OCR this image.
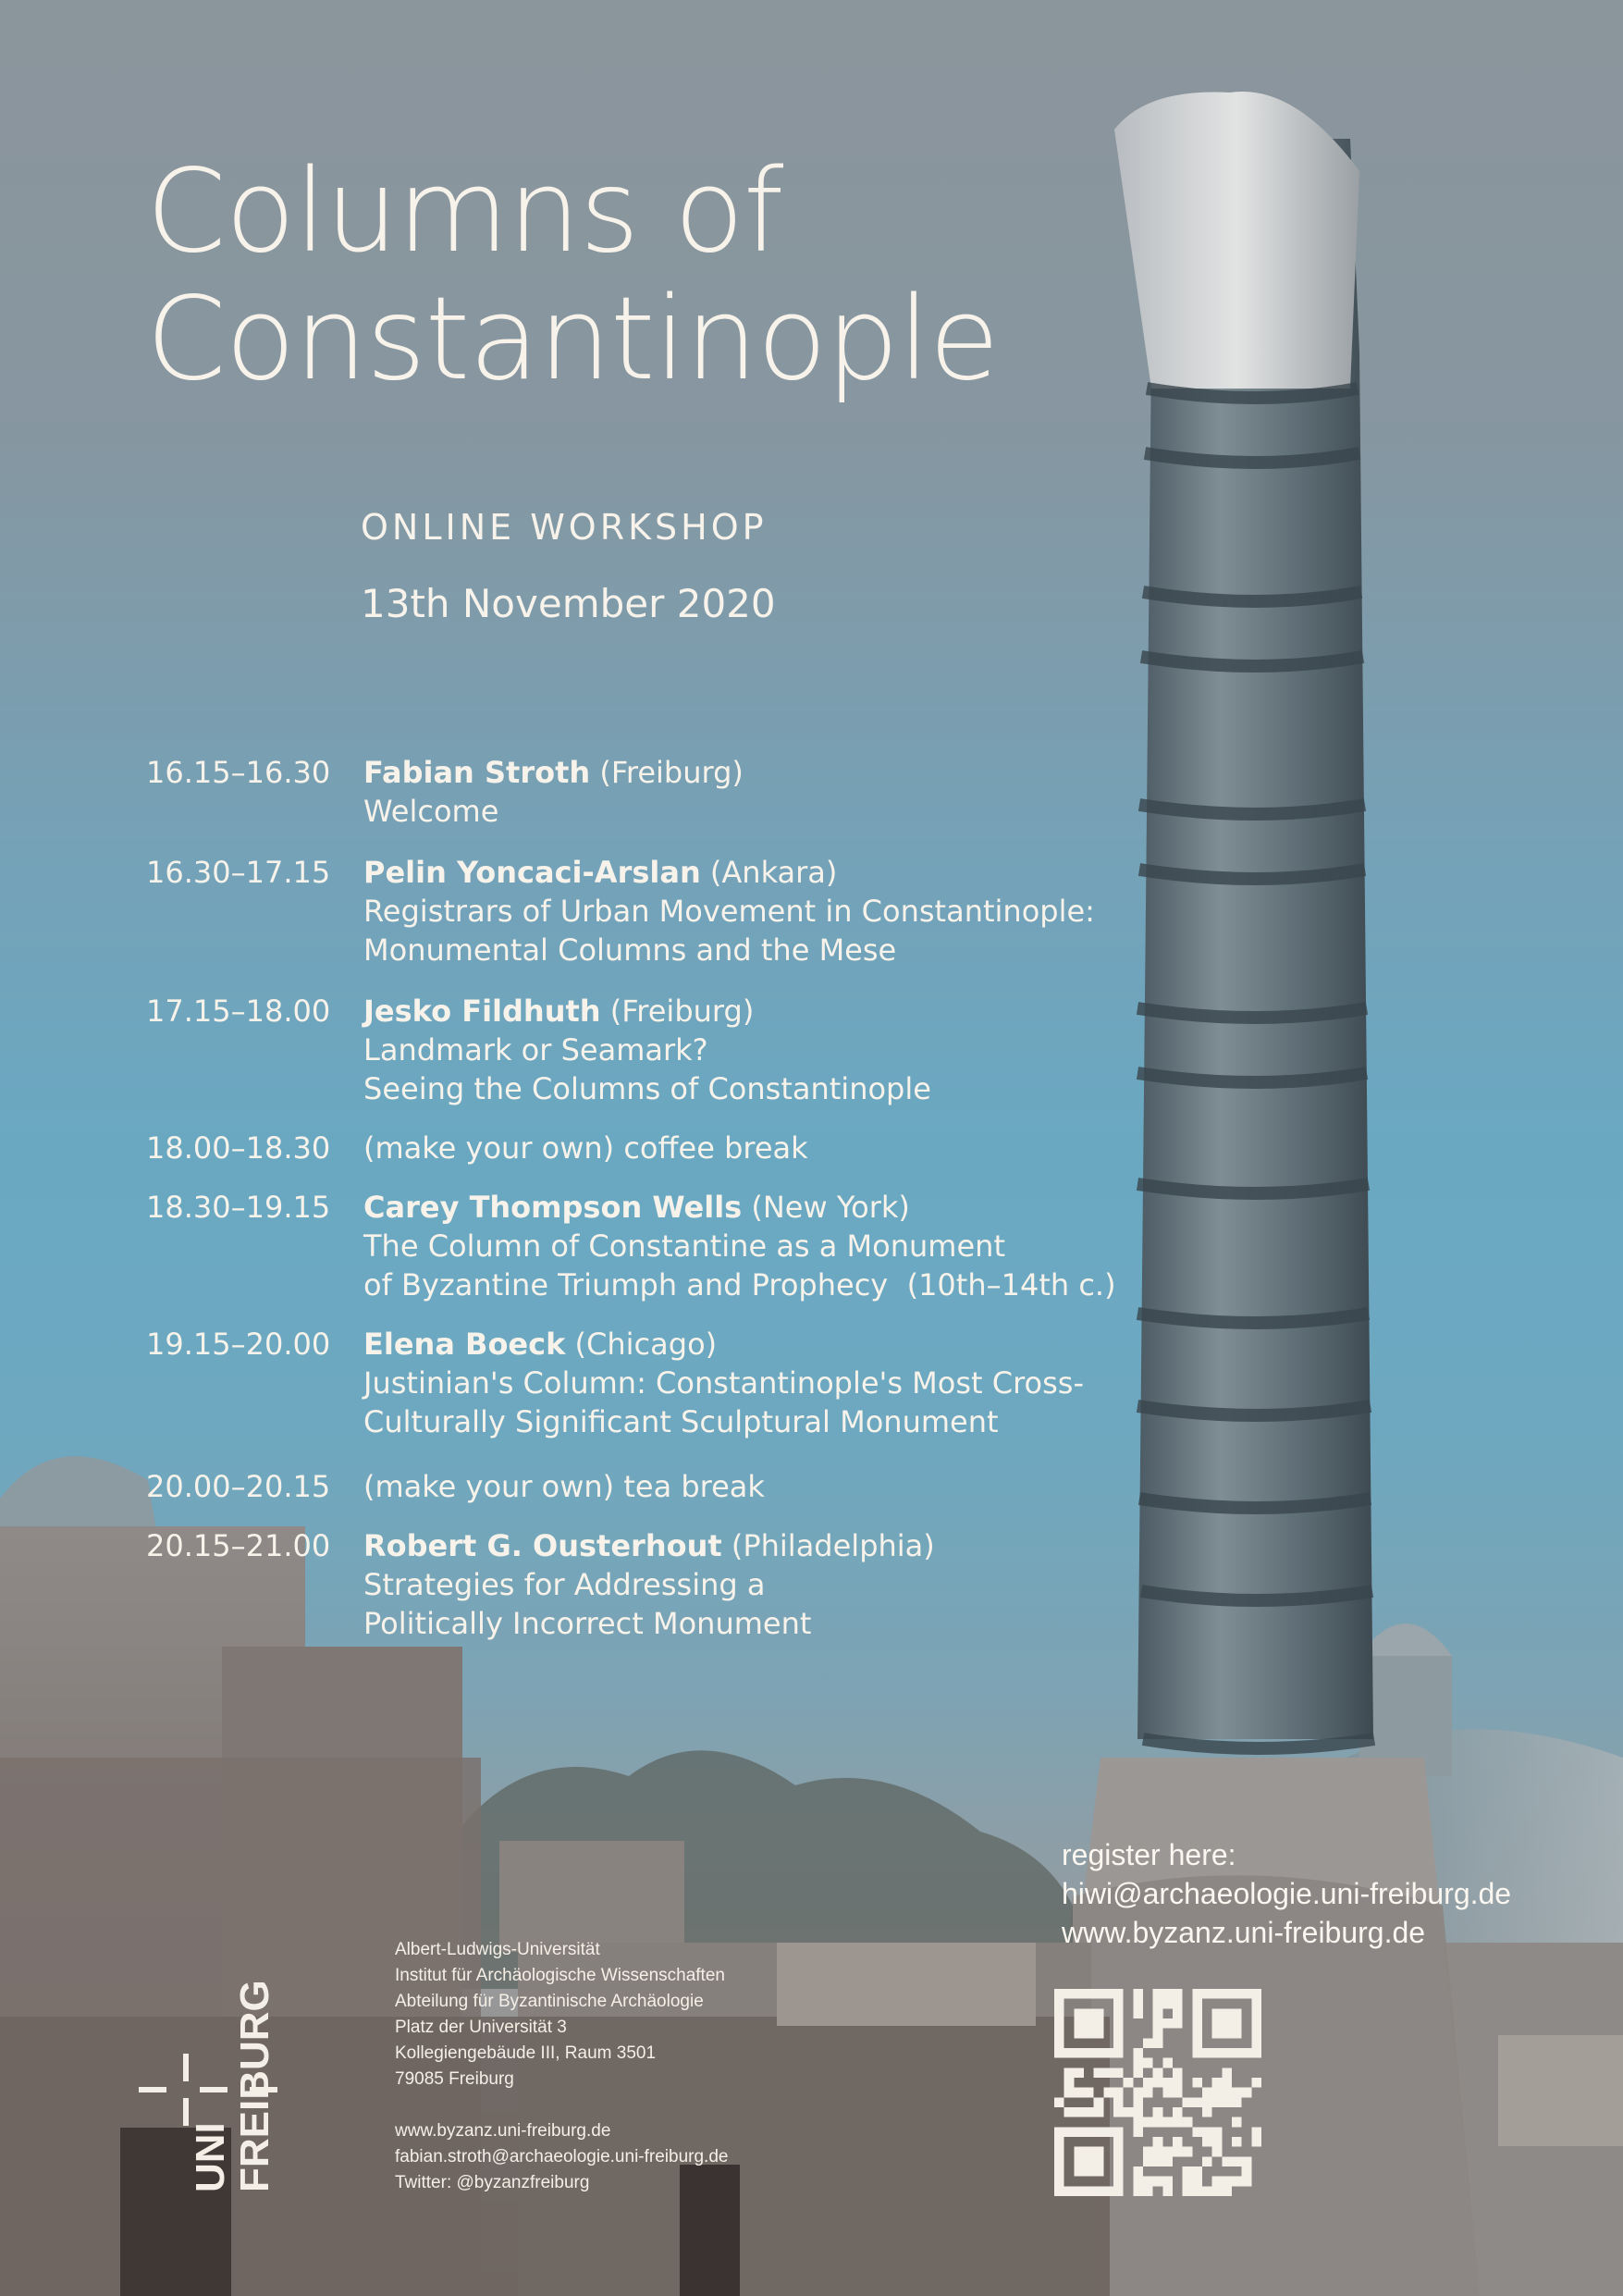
Columns of
Constantinople
ONLINE WORKSHOP
13th November 2020
16.15–16.30	Fabian Stroth (Freiburg)
Welcome
16.30–17.15	Pelin Yoncaci-Arslan (Ankara)
Registrars of Urban Movement in Constantinople:
Monumental Columns and the Mese
17.15–18.00	Jesko Fildhuth (Freiburg)
Landmark or Seamark?
Seeing the Columns of Constantinople
18.00–18.30	(make your own) coffee break
18.30–19.15	Carey Thompson Wells (New York)
The Column of Constantine as a Monument
of Byzantine Triumph and Prophecy  (10th–14th c.)
19.15–20.00	Elena Boeck (Chicago)
Justinian's Column: Constantinople's Most Cross-
Culturally Significant Sculptural Monument
20.00–20.15	(make your own) tea break
20.15–21.00	Robert G. Ousterhout (Philadelphia)
Strategies for Addressing a
Politically Incorrect Monument
register here:
hiwi@archaeologie.uni-freiburg.de
www.byzanz.uni-freiburg.de
Albert-Ludwigs-Universität
Institut für Archäologische Wissenschaften
Abteilung für Byzantinische Archäologie
Platz der Universität 3
Kollegiengebäude III, Raum 3501
79085 Freiburg
www.byzanz.uni-freiburg.de
fabian.stroth@archaeologie.uni-freiburg.de
Twitter: @byzanzfreiburg
UNI FREIBURG
